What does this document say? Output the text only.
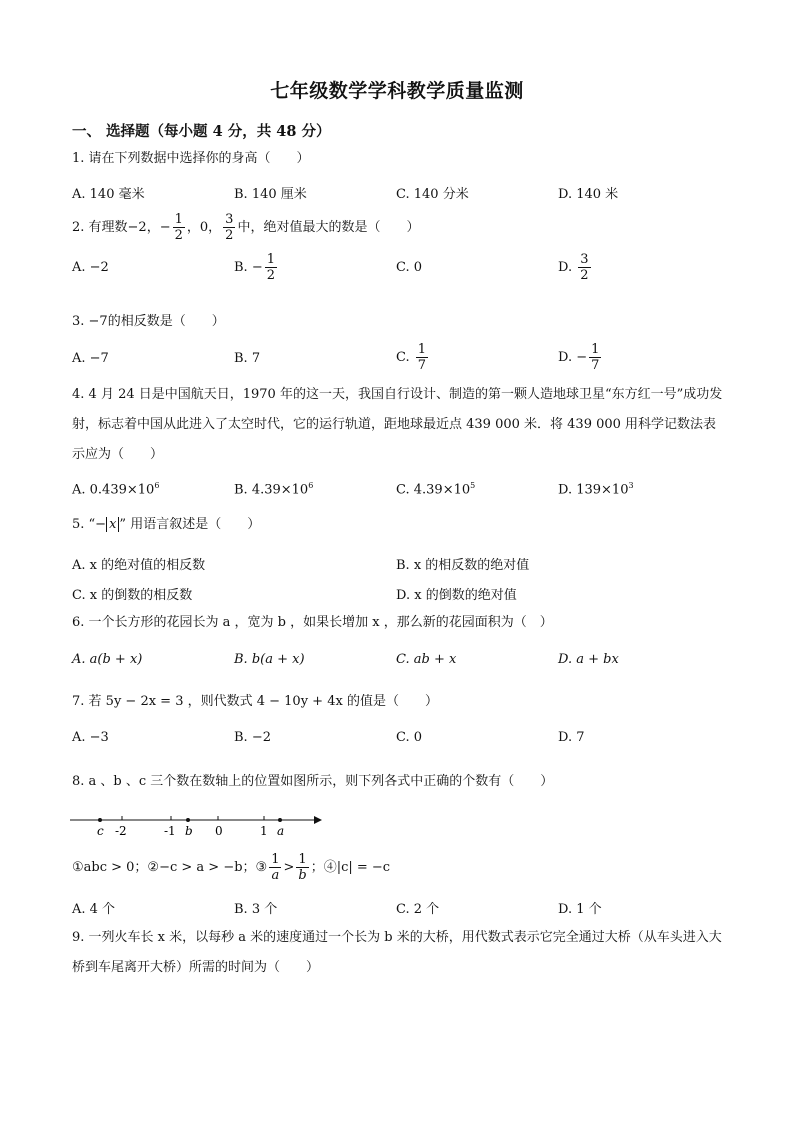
七年级数学学科教学质量监测
一、 选择题（每小题 4 分，共 48 分）
1. 请在下列数据中选择你的身高（　　）
A. 140 毫米	B. 140 厘米	C. 140 分米	D. 140 米
2. 有理数−2，− $\frac{1}{2}$ ，0， $\frac{3}{2}$ 中，绝对值最大的数是（　　）
A. −2	B. − $\frac{1}{2}$	C. 0	D. $\frac{3}{2}$
3. −7的相反数是（　　）
A. −7	B. 7	C. $\frac{1}{7}$	D. − $\frac{1}{7}$
4. 4 月 24 日是中国航天日，1970 年的这一天，我国自行设计、制造的第一颗人造地球卫星“东方红一号”成功发射，标志着中国从此进入了太空时代，它的运行轨道，距地球最近点 439 000 米．将 439 000 用科学记数法表示应为（　　）
A. $0.439\times 10^6$	B. $4.39\times 10^6$	C. $4.39\times 10^5$	D. $139\times 10^3$
5. “− x ” 用语言叙述是（　　）
A. x 的绝对值的相反数	B. x 的相反数的绝对值
C. x 的倒数的相反数	D. x 的倒数的绝对值
6. 一个长方形的花园长为 a ，宽为 b ，如果长增加 x ，那么新的花园面积为（　）
A. a(b + x)	B. b(a + x)	C. ab + x	D. a + bx
7. 若 5y − 2x = 3 ，则代数式 4 − 10y + 4x 的值是（　　）
A. −3	B. −2	C. 0	D. 7
8. a 、b 、c 三个数在数轴上的位置如图所示，则下列各式中正确的个数有（　　）
c -2	-1 b 0	1 a
①abc > 0；②−c > a > −b；③ $\frac{1}{a} > \frac{1}{b}$ ；④|c| = −c
A. 4 个	B. 3 个	C. 2 个	D. 1 个
9. 一列火车长 x 米，以每秒 a 米的速度通过一个长为 b 米的大桥，用代数式表示它完全通过大桥（从车头进入大桥到车尾离开大桥）所需的时间为（　　）
